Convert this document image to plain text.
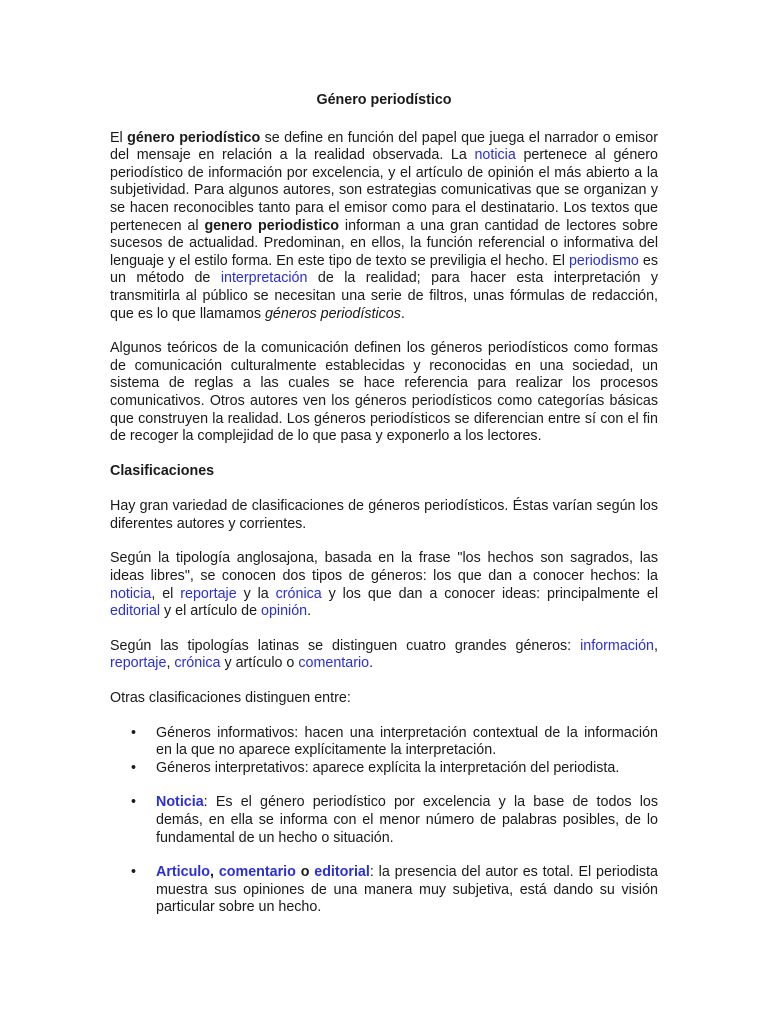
Género periodístico

El género periodístico se define en función del papel que juega el narrador o emisor del mensaje en relación a la realidad observada. La noticia pertenece al género periodístico de información por excelencia, y el artículo de opinión el más abierto a la subjetividad. Para algunos autores, son estrategias comunicativas que se organizan y se hacen reconocibles tanto para el emisor como para el destinatario. Los textos que pertenecen al genero periodistico informan a una gran cantidad de lectores sobre sucesos de actualidad. Predominan, en ellos, la función referencial o informativa del lenguaje y el estilo forma. En este tipo de texto se previligia el hecho. El periodismo es un método de interpretación de la realidad; para hacer esta interpretación y transmitirla al público se necesitan una serie de filtros, unas fórmulas de redacción, que es lo que llamamos géneros periodísticos.

Algunos teóricos de la comunicación definen los géneros periodísticos como formas de comunicación culturalmente establecidas y reconocidas en una sociedad, un sistema de reglas a las cuales se hace referencia para realizar los procesos comunicativos. Otros autores ven los géneros periodísticos como categorías básicas que construyen la realidad. Los géneros periodísticos se diferencian entre sí con el fin de recoger la complejidad de lo que pasa y exponerlo a los lectores.

Clasificaciones

Hay gran variedad de clasificaciones de géneros periodísticos. Éstas varían según los diferentes autores y corrientes.

Según la tipología anglosajona, basada en la frase "los hechos son sagrados, las ideas libres", se conocen dos tipos de géneros: los que dan a conocer hechos: la noticia, el reportaje y la crónica y los que dan a conocer ideas: principalmente el editorial y el artículo de opinión.

Según las tipologías latinas se distinguen cuatro grandes géneros: información, reportaje, crónica y artículo o comentario.

Otras clasificaciones distinguen entre:

• Géneros informativos: hacen una interpretación contextual de la información en la que no aparece explícitamente la interpretación.
• Géneros interpretativos: aparece explícita la interpretación del periodista.
• Noticia: Es el género periodístico por excelencia y la base de todos los demás, en ella se informa con el menor número de palabras posibles, de lo fundamental de un hecho o situación.
• Articulo, comentario o editorial: la presencia del autor es total. El periodista muestra sus opiniones de una manera muy subjetiva, está dando su visión particular sobre un hecho.
